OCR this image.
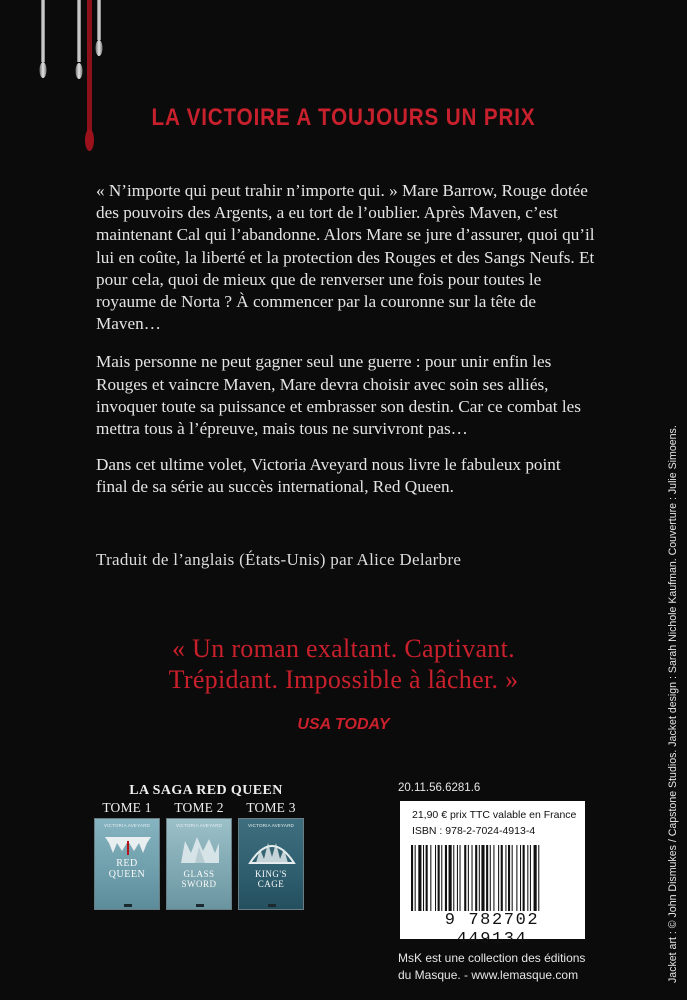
LA VICTOIRE A TOUJOURS UN PRIX

« N’importe qui peut trahir n’importe qui. » Mare Barrow, Rouge dotée des pouvoirs des Argents, a eu tort de l’oublier. Après Maven, c’est maintenant Cal qui l’abandonne. Alors Mare se jure d’assurer, quoi qu’il lui en coûte, la liberté et la protection des Rouges et des Sangs Neufs. Et pour cela, quoi de mieux que de renverser une fois pour toutes le royaume de Norta ? À commencer par la couronne sur la tête de Maven…

Mais personne ne peut gagner seul une guerre : pour unir enfin les Rouges et vaincre Maven, Mare devra choisir avec soin ses alliés, invoquer toute sa puissance et embrasser son destin. Car ce combat les mettra tous à l’épreuve, mais tous ne survivront pas…

Dans cet ultime volet, Victoria Aveyard nous livre le fabuleux point final de sa série au succès international, Red Queen.

Traduit de l’anglais (États-Unis) par Alice Delarbre
« Un roman exaltant. Captivant.
Trépidant. Impossible à lâcher. »
USA TODAY
LA SAGA RED QUEEN
TOME 1	TOME 2	TOME 3
VICTORIA AVEYARD
RED
QUEEN
VICTORIA AVEYARD
GLASS
SWORD
VICTORIA AVEYARD
KING'S
CAGE
20.11.56.6281.6
21,90 € prix TTC valable en France
ISBN : 978-2-7024-4913-4
9 782702 449134
MsK est une collection des éditions
du Masque. - www.lemasque.com	Jacket art : © John Dismukes / Capstone Studios. Jacket design : Sarah Nichole Kaufman. Couverture : Julie Simoens.
